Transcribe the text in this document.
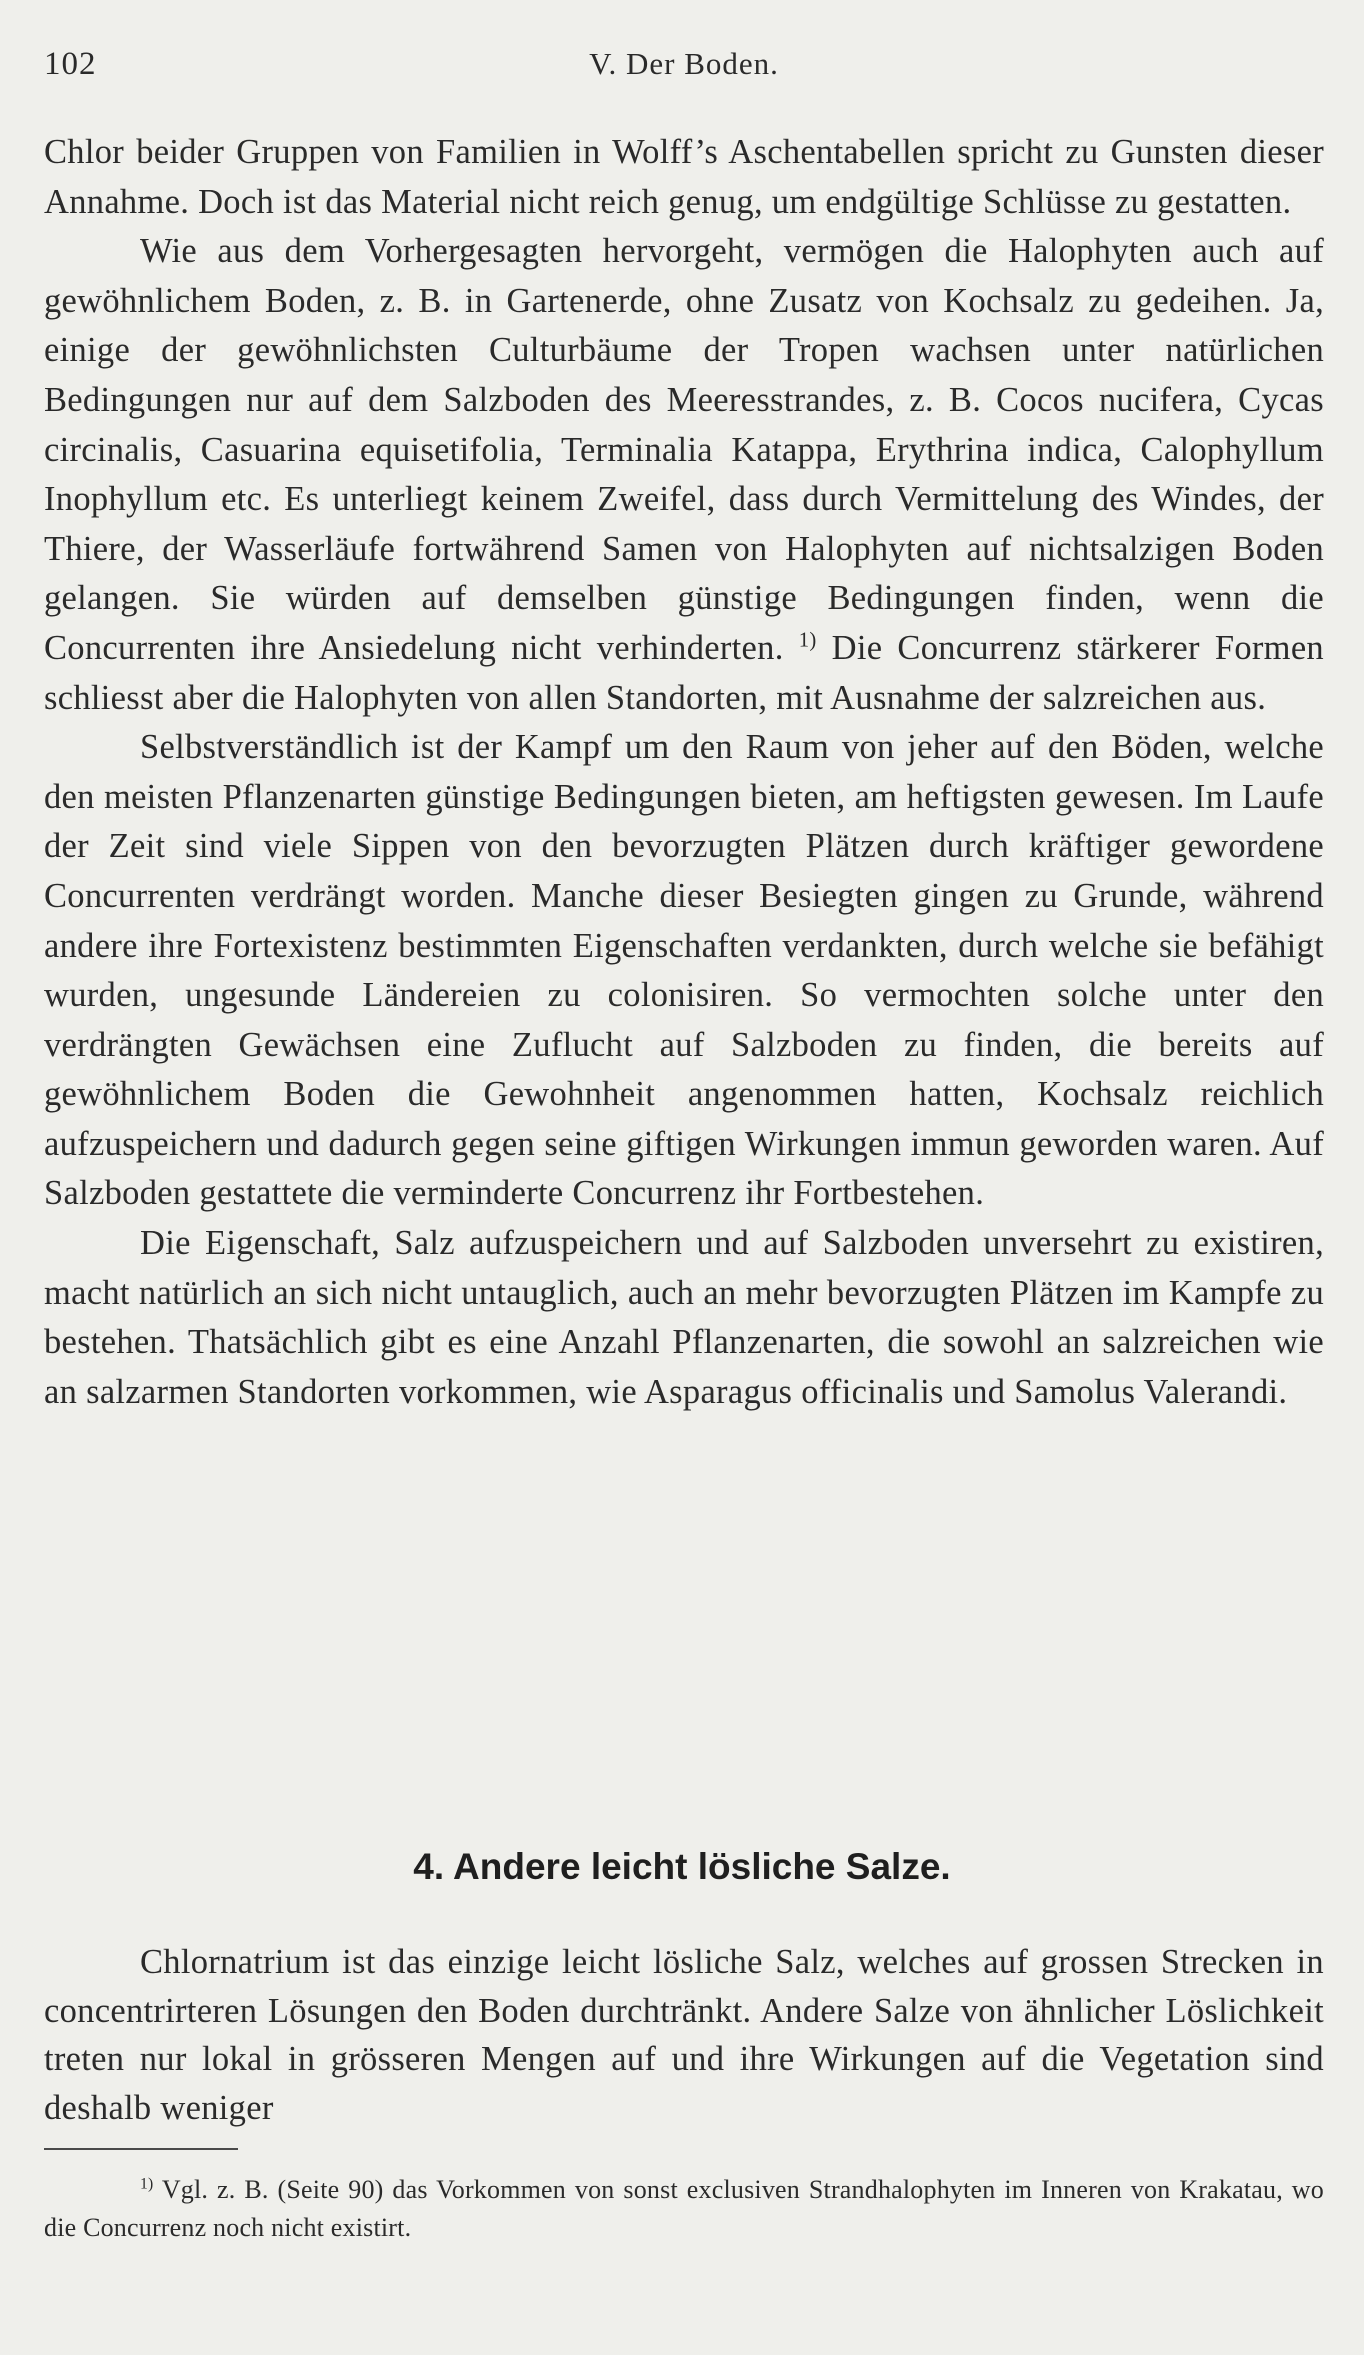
102	V. Der Boden.

Chlor beider Gruppen von Familien in Wolff’s Aschentabellen spricht zu Gunsten dieser Annahme. Doch ist das Material nicht reich genug, um endgültige Schlüsse zu gestatten.

Wie aus dem Vorhergesagten hervorgeht, vermögen die Halophyten auch auf gewöhnlichem Boden, z. B. in Gartenerde, ohne Zusatz von Kochsalz zu gedeihen. Ja, einige der gewöhnlichsten Culturbäume der Tropen wachsen unter natürlichen Bedingungen nur auf dem Salzboden des Meeresstrandes, z. B. Cocos nucifera, Cycas circinalis, Casuarina equisetifolia, Terminalia Katappa, Erythrina indica, Calophyllum Inophyllum etc. Es unterliegt keinem Zweifel, dass durch Vermittelung des Windes, der Thiere, der Wasserläufe fortwährend Samen von Halophyten auf nichtsalzigen Boden gelangen. Sie würden auf demselben günstige Bedingungen finden, wenn die Concurrenten ihre Ansiedelung nicht verhinderten. $^{1)}$ Die Concurrenz stärkerer Formen schliesst aber die Halophyten von allen Standorten, mit Ausnahme der salzreichen aus.

Selbstverständlich ist der Kampf um den Raum von jeher auf den Böden, welche den meisten Pflanzenarten günstige Bedingungen bieten, am heftigsten gewesen. Im Laufe der Zeit sind viele Sippen von den bevorzugten Plätzen durch kräftiger gewordene Concurrenten verdrängt worden. Manche dieser Besiegten gingen zu Grunde, während andere ihre Fortexistenz bestimmten Eigenschaften verdankten, durch welche sie befähigt wurden, ungesunde Ländereien zu colonisiren. So vermochten solche unter den verdrängten Gewächsen eine Zuflucht auf Salzboden zu finden, die bereits auf gewöhnlichem Boden die Gewohnheit angenommen hatten, Kochsalz reichlich aufzuspeichern und dadurch gegen seine giftigen Wirkungen immun geworden waren. Auf Salzboden gestattete die verminderte Concurrenz ihr Fortbestehen.

Die Eigenschaft, Salz aufzuspeichern und auf Salzboden unversehrt zu existiren, macht natürlich an sich nicht untauglich, auch an mehr bevorzugten Plätzen im Kampfe zu bestehen. Thatsächlich gibt es eine Anzahl Pflanzenarten, die sowohl an salzreichen wie an salzarmen Standorten vorkommen, wie Asparagus officinalis und Samolus Valerandi.

4. Andere leicht lösliche Salze.

Chlornatrium ist das einzige leicht lösliche Salz, welches auf grossen Strecken in concentrirteren Lösungen den Boden durchtränkt. Andere Salze von ähnlicher Löslichkeit treten nur lokal in grösseren Mengen auf und ihre Wirkungen auf die Vegetation sind deshalb weniger

$^{1)}$ Vgl. z. B. (Seite 90) das Vorkommen von sonst exclusiven Strandhalophyten im Inneren von Krakatau, wo die Concurrenz noch nicht existirt.
